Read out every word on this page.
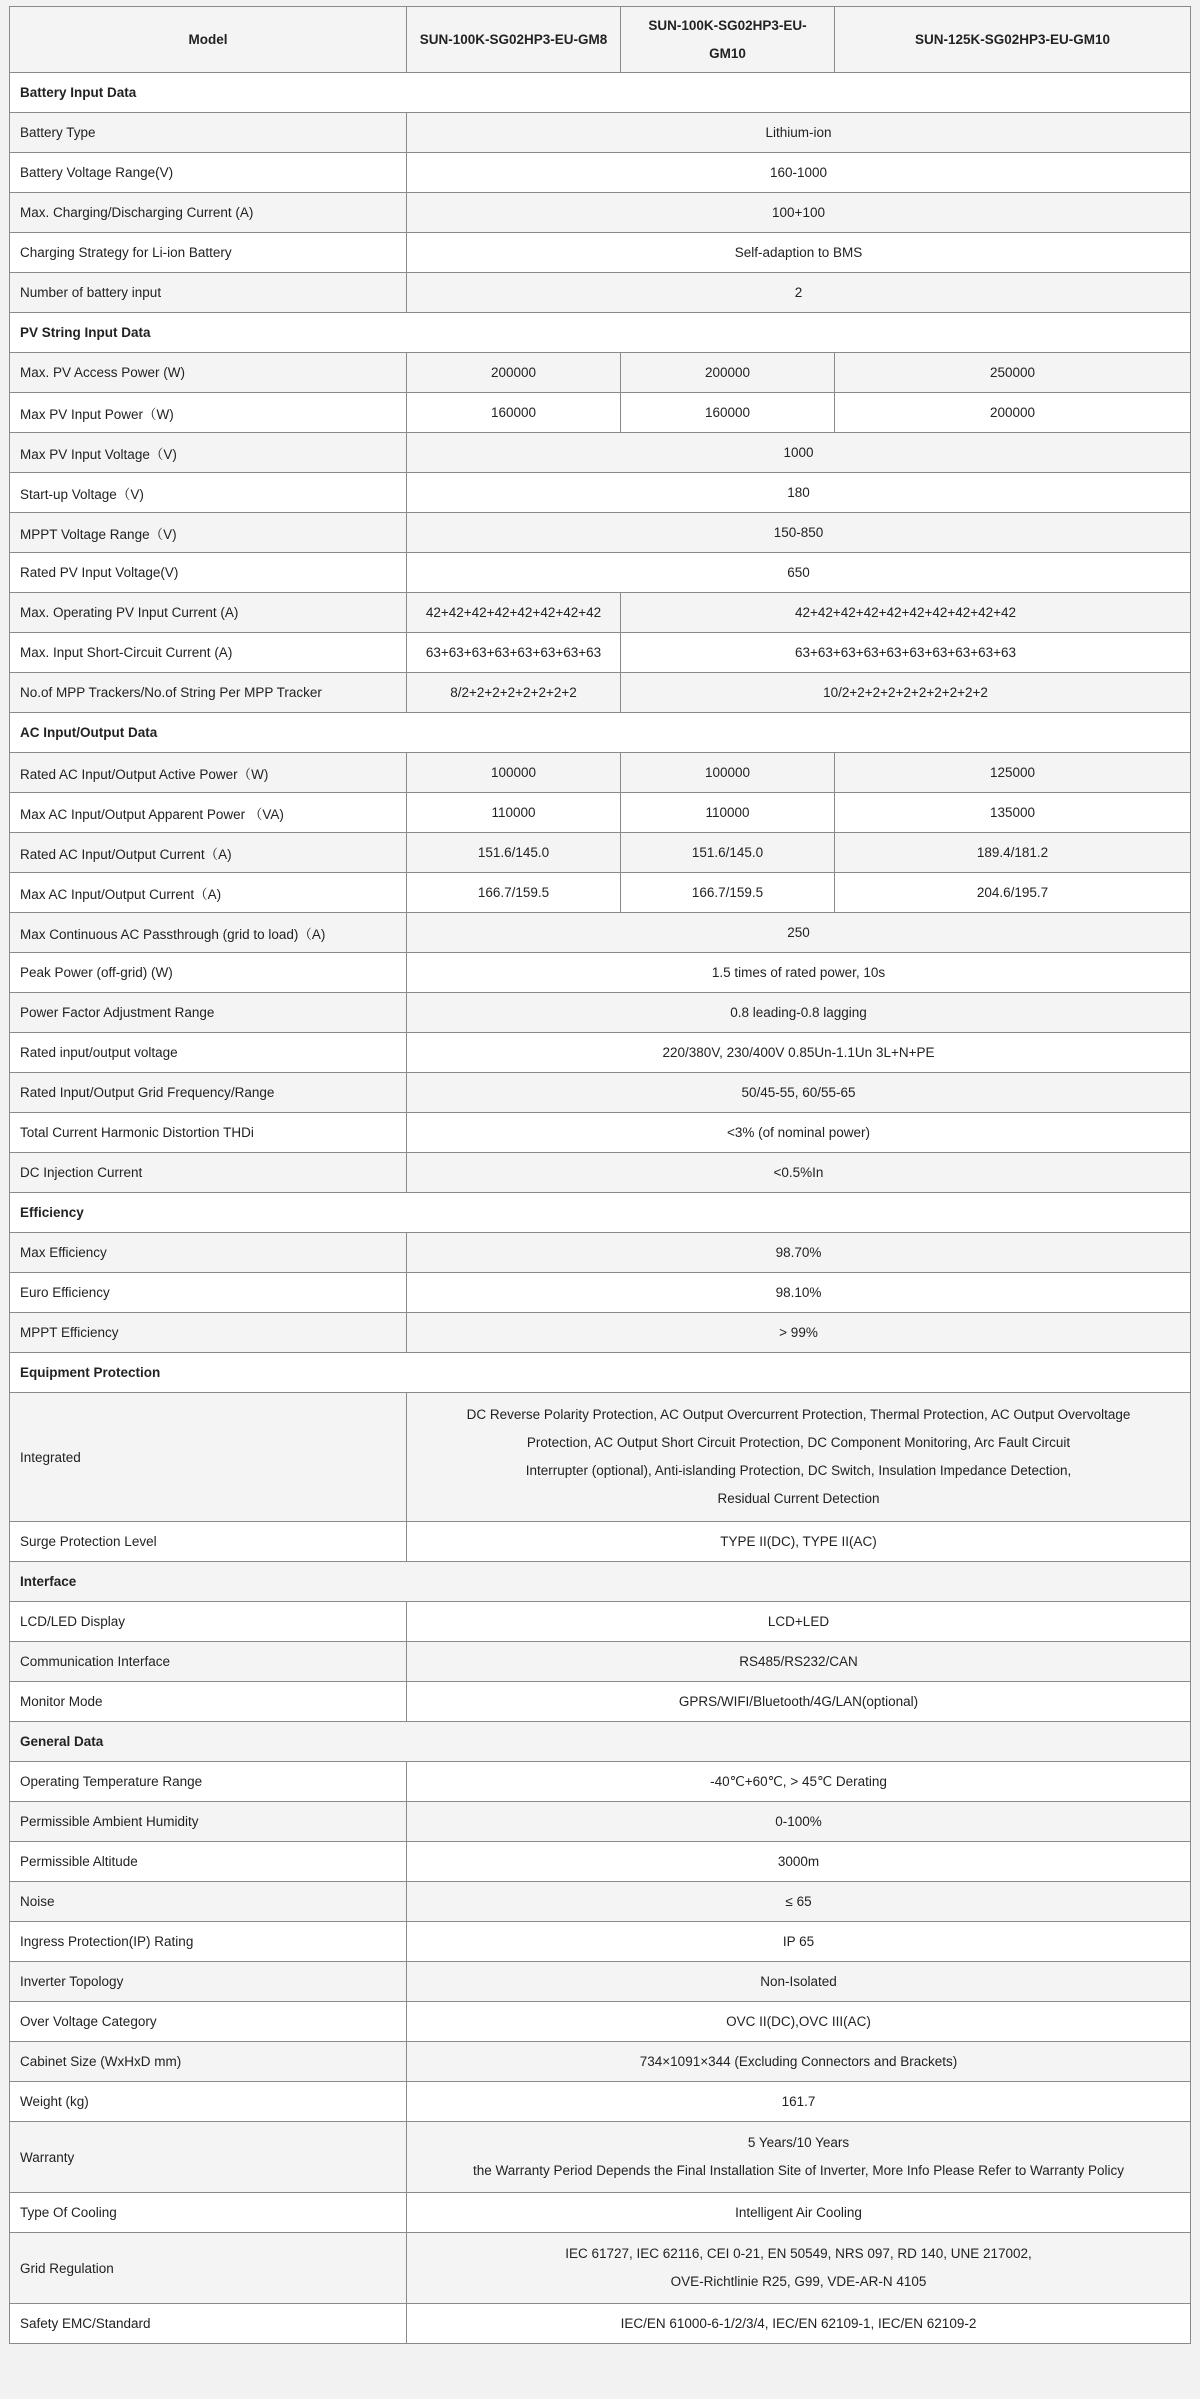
Model	SUN-100K-SG02HP3-EU-GM8	SUN-100K-SG02HP3-EU-GM10	SUN-125K-SG02HP3-EU-GM10
Battery Input Data			
Battery Type	Lithium-ion		
Battery Voltage Range(V)	160-1000		
Max. Charging/Discharging Current (A)	100+100		
Charging Strategy for Li-ion Battery	Self-adaption to BMS		
Number of battery input	2		
PV String Input Data			
Max. PV Access Power (W)	200000	200000	250000
Max PV Input Power（W)	160000	160000	200000
Max PV Input Voltage（V)	1000		
Start-up Voltage（V)	180		
MPPT Voltage Range（V)	150-850		
Rated PV Input Voltage(V)	650		
Max. Operating PV Input Current (A)	42+42+42+42+42+42+42+42	42+42+42+42+42+42+42+42+42+42	
Max. Input Short-Circuit Current (A)	63+63+63+63+63+63+63+63	63+63+63+63+63+63+63+63+63+63	
No.of MPP Trackers/No.of String Per MPP Tracker	8/2+2+2+2+2+2+2+2	10/2+2+2+2+2+2+2+2+2+2	
AC Input/Output Data			
Rated AC Input/Output Active Power（W)	100000	100000	125000
Max AC Input/Output Apparent Power （VA)	110000	110000	135000
Rated AC Input/Output Current（A)	151.6/145.0	151.6/145.0	189.4/181.2
Max AC Input/Output Current（A)	166.7/159.5	166.7/159.5	204.6/195.7
Max Continuous AC Passthrough (grid to load)（A)	250		
Peak Power (off-grid) (W)	1.5 times of rated power, 10s		
Power Factor Adjustment Range	0.8 leading-0.8 lagging		
Rated input/output voltage	220/380V, 230/400V 0.85Un-1.1Un 3L+N+PE		
Rated Input/Output Grid Frequency/Range	50/45-55, 60/55-65		
Total Current Harmonic Distortion THDi	<3% (of nominal power)		
DC Injection Current	<0.5%In		
Efficiency			
Max Efficiency	98.70%		
Euro Efficiency	98.10%		
MPPT Efficiency	> 99%		
Equipment Protection			
Integrated	DC Reverse Polarity Protection, AC Output Overcurrent Protection, Thermal Protection, AC Output Overvoltage
Protection, AC Output Short Circuit Protection, DC Component Monitoring, Arc Fault Circuit
Interrupter (optional), Anti-islanding Protection, DC Switch, Insulation Impedance Detection,
Residual Current Detection		

Surge Protection Level	TYPE II(DC), TYPE II(AC)		
Interface			
LCD/LED Display	LCD+LED		
Communication Interface	RS485/RS232/CAN		
Monitor Mode	GPRS/WIFI/Bluetooth/4G/LAN(optional)		
General Data			
Operating Temperature Range	-40℃+60℃, > 45℃ Derating		
Permissible Ambient Humidity	0-100%		
Permissible Altitude	3000m		
Noise	≤ 65		
Ingress Protection(IP) Rating	IP 65		
Inverter Topology	Non-Isolated		
Over Voltage Category	OVC II(DC),OVC III(AC)		
Cabinet Size (WxHxD mm)	734×1091×344 (Excluding Connectors and Brackets)		
Weight (kg)	161.7		
Warranty	5 Years/10 Years
the Warranty Period Depends the Final Installation Site of Inverter, More Info Please Refer to Warranty Policy		

Type Of Cooling	Intelligent Air Cooling		
Grid Regulation	IEC 61727, IEC 62116, CEI 0-21, EN 50549, NRS 097, RD 140, UNE 217002,
OVE-Richtlinie R25, G99, VDE-AR-N 4105		

Safety EMC/Standard	IEC/EN 61000-6-1/2/3/4, IEC/EN 62109-1, IEC/EN 62109-2		
